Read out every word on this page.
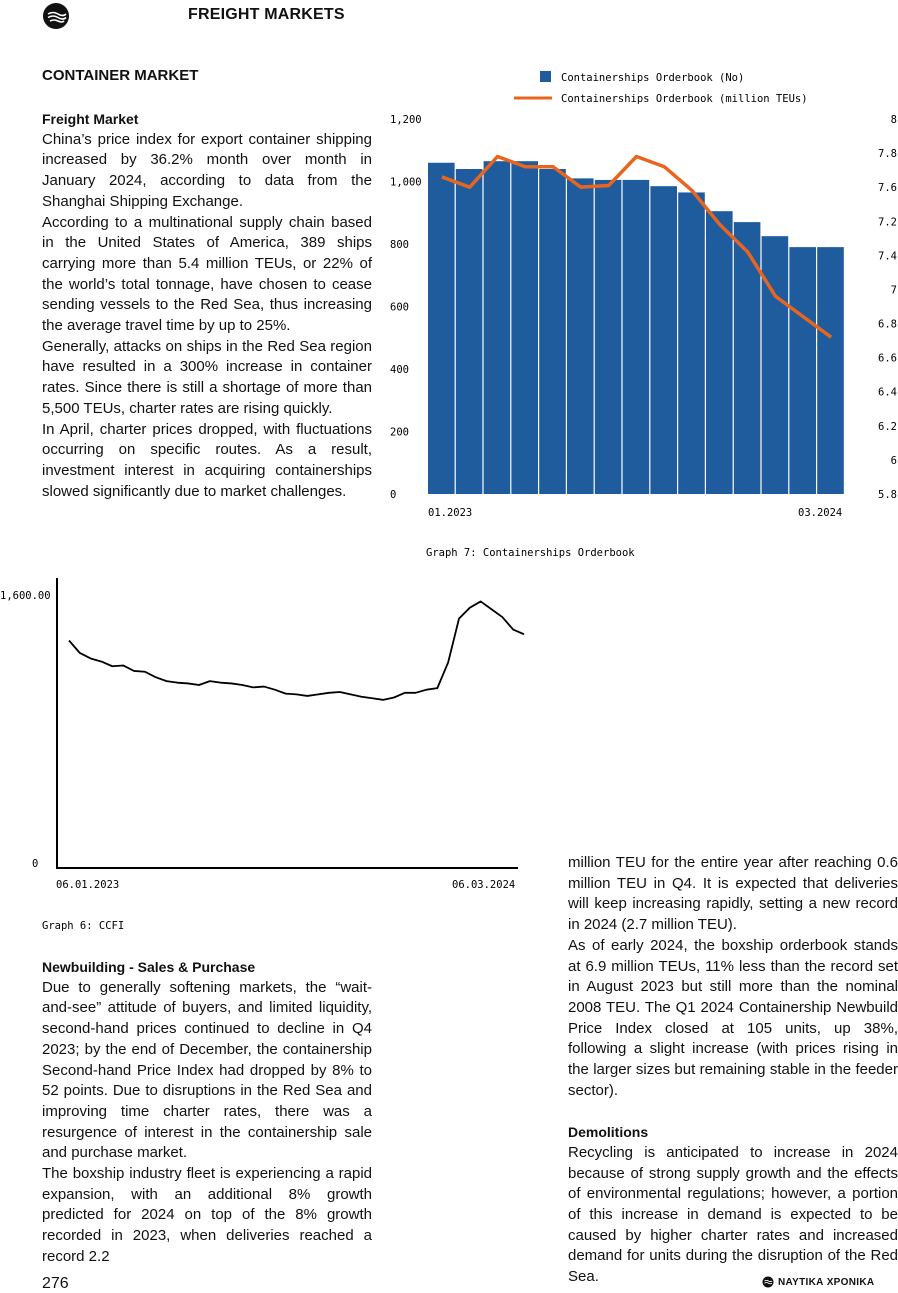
FREIGHT MARKETS
CONTAINER MARKET
Freight Market
China’s price index for export container shipping increased by 36.2% month over month in January 2024, according to data from the Shanghai Shipping Exchange.
According to a multinational supply chain based in the United States of America, 389 ships carrying more than 5.4 million TEUs, or 22% of the world’s total tonnage, have chosen to cease sending vessels to the Red Sea, thus increasing the average travel time by up to 25%.
Generally, attacks on ships in the Red Sea region have resulted in a 300% increase in container rates. Since there is still a shortage of more than 5,500 TEUs, charter rates are rising quickly.
In April, charter prices dropped, with fluctuations occurring on specific routes. As a result, investment interest in acquiring containerships slowed significantly due to market challenges.
Containerships Orderbook (No)
Containerships Orderbook (million TEUs)
0
200
400
600
800
1,000
1,200
5.8
6
6.2
6.4
6.6
6.8
7
7.4
7.2
7.6
7.8
8
01.2023	03.2024
Graph 7: Containerships Orderbook
1,600.00
0
06.01.2023	06.03.2024
Graph 6: CCFI
Newbuilding - Sales & Purchase
Due to generally softening markets, the “wait-and-see” attitude of buyers, and limited liquidity, second-hand prices continued to decline in Q4 2023; by the end of December, the containership Second-hand Price Index had dropped by 8% to 52 points. Due to disruptions in the Red Sea and improving time charter rates, there was a resurgence of interest in the containership sale and purchase market.
The boxship industry fleet is experiencing a rapid expansion, with an additional 8% growth predicted for 2024 on top of the 8% growth recorded in 2023, when deliveries reached a record 2.2
million TEU for the entire year after reaching 0.6 million TEU in Q4. It is expected that deliveries will keep increasing rapidly, setting a new record in 2024 (2.7 million TEU).
As of early 2024, the boxship orderbook stands at 6.9 million TEUs, 11% less than the record set in August 2023 but still more than the nominal 2008 TEU. The Q1 2024 Containership Newbuild Price Index closed at 105 units, up 38%, following a slight increase (with prices rising in the larger sizes but remaining stable in the feeder sector).
Demolitions
Recycling is anticipated to increase in 2024 because of strong supply growth and the effects of environmental regulations; however, a portion of this increase in demand is expected to be caused by higher charter rates and increased demand for units during the disruption of the Red Sea.
276	ΝΑΥΤΙΚΑ ΧΡΟΝΙΚΑ
